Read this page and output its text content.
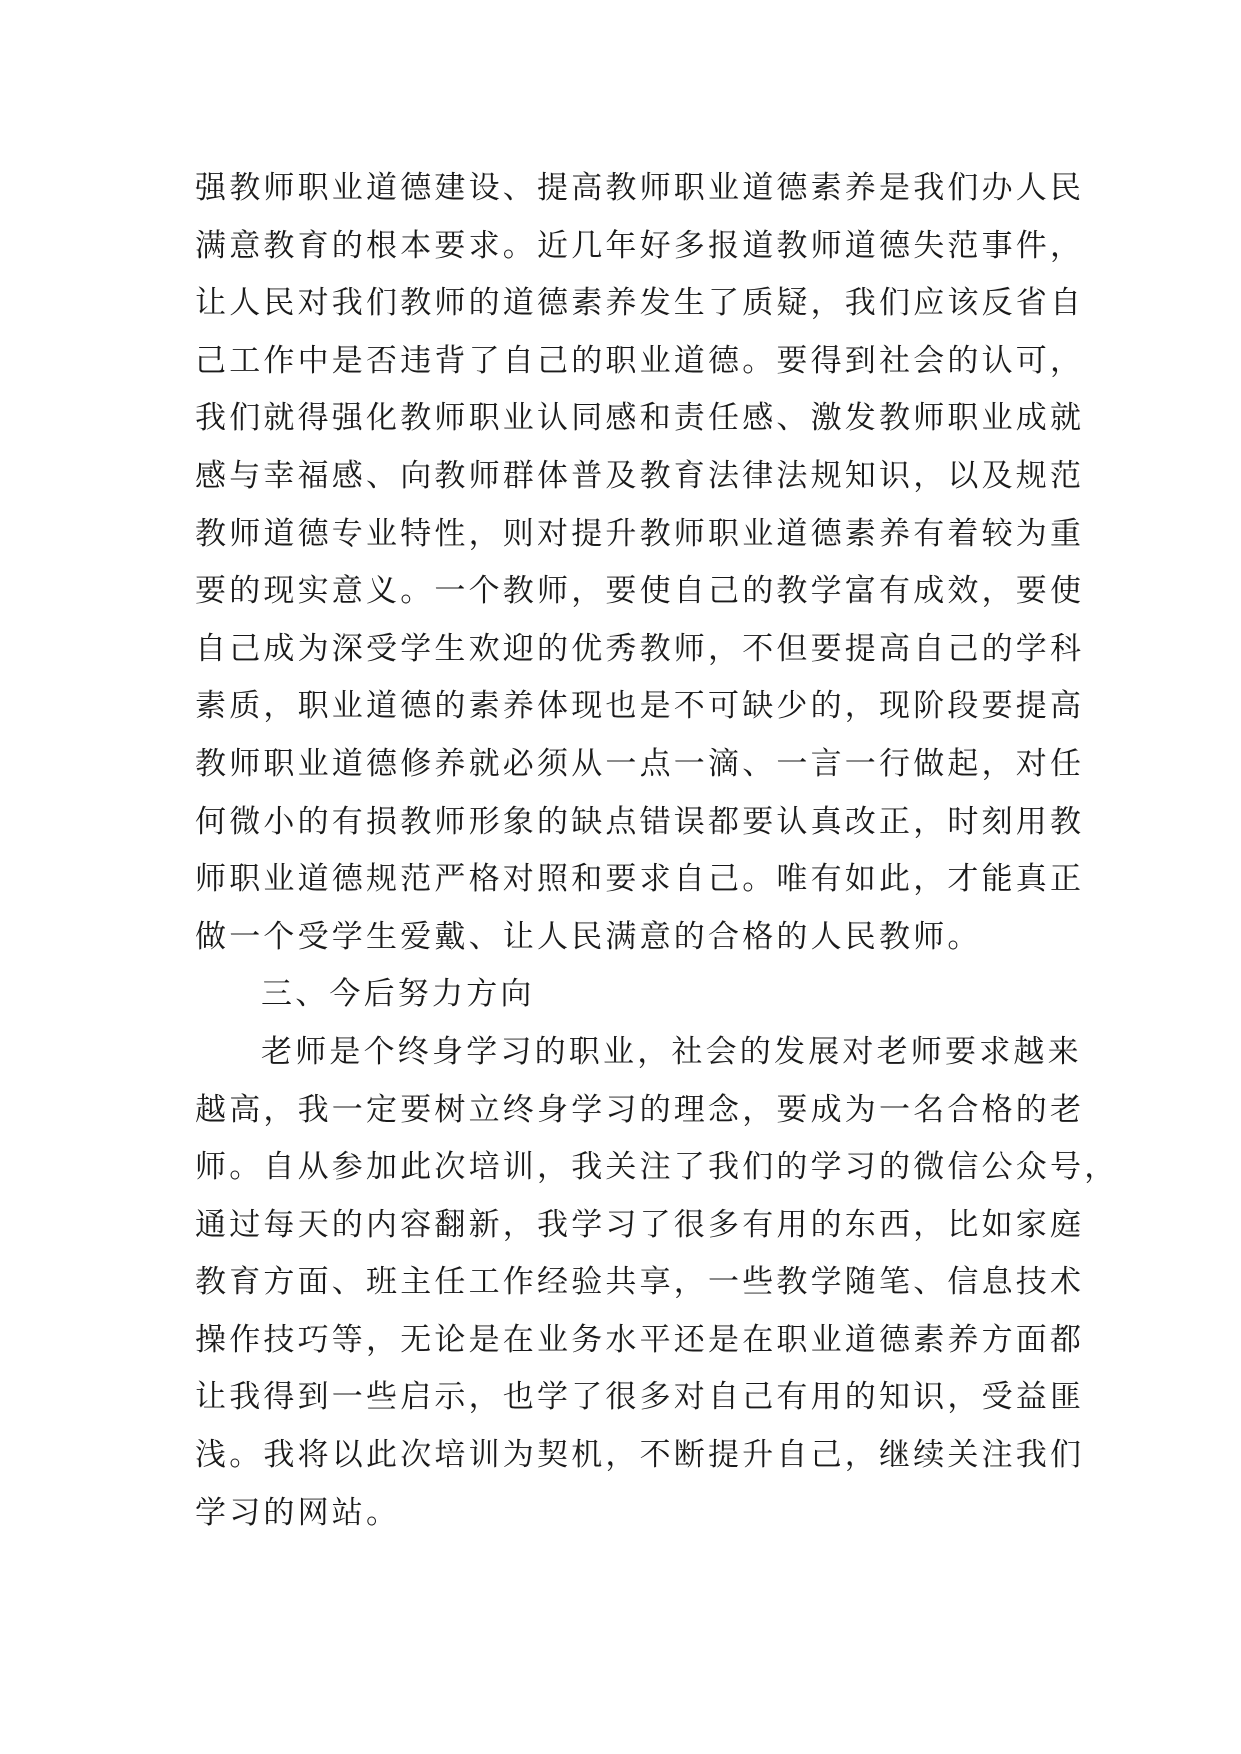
强教师职业道德建设、提高教师职业道德素养是我们办人民
满意教育的根本要求。近几年好多报道教师道德失范事件，
让人民对我们教师的道德素养发生了质疑，我们应该反省自
己工作中是否违背了自己的职业道德。要得到社会的认可，
我们就得强化教师职业认同感和责任感、激发教师职业成就
感与幸福感、向教师群体普及教育法律法规知识，以及规范
教师道德专业特性，则对提升教师职业道德素养有着较为重
要的现实意义。一个教师，要使自己的教学富有成效，要使
自己成为深受学生欢迎的优秀教师，不但要提高自己的学科
素质，职业道德的素养体现也是不可缺少的，现阶段要提高
教师职业道德修养就必须从一点一滴、一言一行做起，对任
何微小的有损教师形象的缺点错误都要认真改正，时刻用教
师职业道德规范严格对照和要求自己。唯有如此，才能真正
做一个受学生爱戴、让人民满意的合格的人民教师。
三、今后努力方向
老师是个终身学习的职业，社会的发展对老师要求越来
越高，我一定要树立终身学习的理念，要成为一名合格的老
师。自从参加此次培训，我关注了我们的学习的微信公众号，
通过每天的内容翻新，我学习了很多有用的东西，比如家庭
教育方面、班主任工作经验共享，一些教学随笔、信息技术
操作技巧等，无论是在业务水平还是在职业道德素养方面都
让我得到一些启示，也学了很多对自己有用的知识，受益匪
浅。我将以此次培训为契机，不断提升自己，继续关注我们
学习的网站。
